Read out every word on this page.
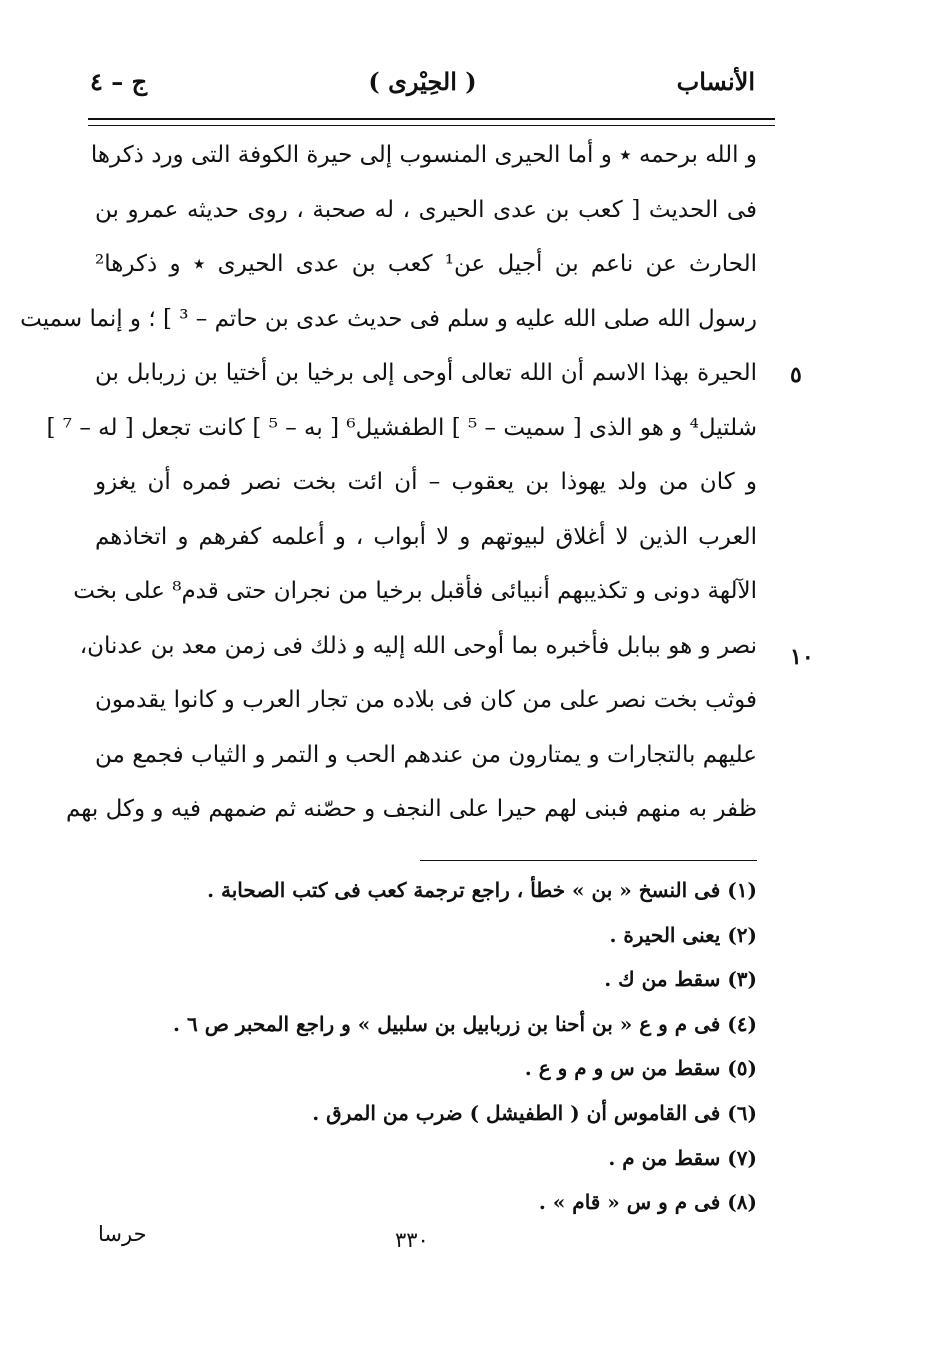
الأنساب
( الحِيْرى )
ج – ٤
٥
١٠
و الله برحمه ٭ و أما الحيرى المنسوب إلى حيرة الكوفة التى ورد ذكرها
فى الحديث [ كعب بن عدى الحيرى ، له صحبة ، روى حديثه عمرو بن
الحارث عن ناعم بن أجيل عن¹ كعب بن عدى الحيرى ٭ و ذكرها²
رسول الله صلى الله عليه و سلم فى حديث عدى بن حاتم – ³ ] ؛ و إنما سميت
الحيرة بهذا الاسم أن الله تعالى أوحى إلى برخيا بن أختيا بن زربابل بن
شلتيل⁴ و هو الذى [ سميت – ⁵ ] الطفشيل⁶ [ به – ⁵ ] كانت تجعل [ له – ⁷ ]
و كان من ولد يهوذا بن يعقوب – أن ائت بخت نصر فمره أن يغزو
العرب الذين لا أغلاق لبيوتهم و لا أبواب ، و أعلمه كفرهم و اتخاذهم
الآلهة دونى و تكذيبهم أنبيائى فأقبل برخيا من نجران حتى قدم⁸ على بخت
نصر و هو ببابل فأخبره بما أوحى الله إليه و ذلك فى زمن معد بن عدنان،
فوثب بخت نصر على من كان فى بلاده من تجار العرب و كانوا يقدمون
عليهم بالتجارات و يمتارون من عندهم الحب و التمر و الثياب فجمع من
ظفر به منهم فبنى لهم حيرا على النجف و حصّنه ثم ضمهم فيه و وكل بهم
(١) فى النسخ « بن » خطأ ، راجع ترجمة كعب فى كتب الصحابة .
(٢) يعنى الحيرة .
(٣) سقط من ك .
(٤) فى م و ع « بن أحنا بن زربابيل بن سلبيل » و راجع المحبر ص ٦ .
(٥) سقط من س و م و ع .
(٦) فى القاموس أن ( الطفيشل ) ضرب من المرق .
(٧) سقط من م .
(٨) فى م و س « قام » .
حرسا	٣٣٠
